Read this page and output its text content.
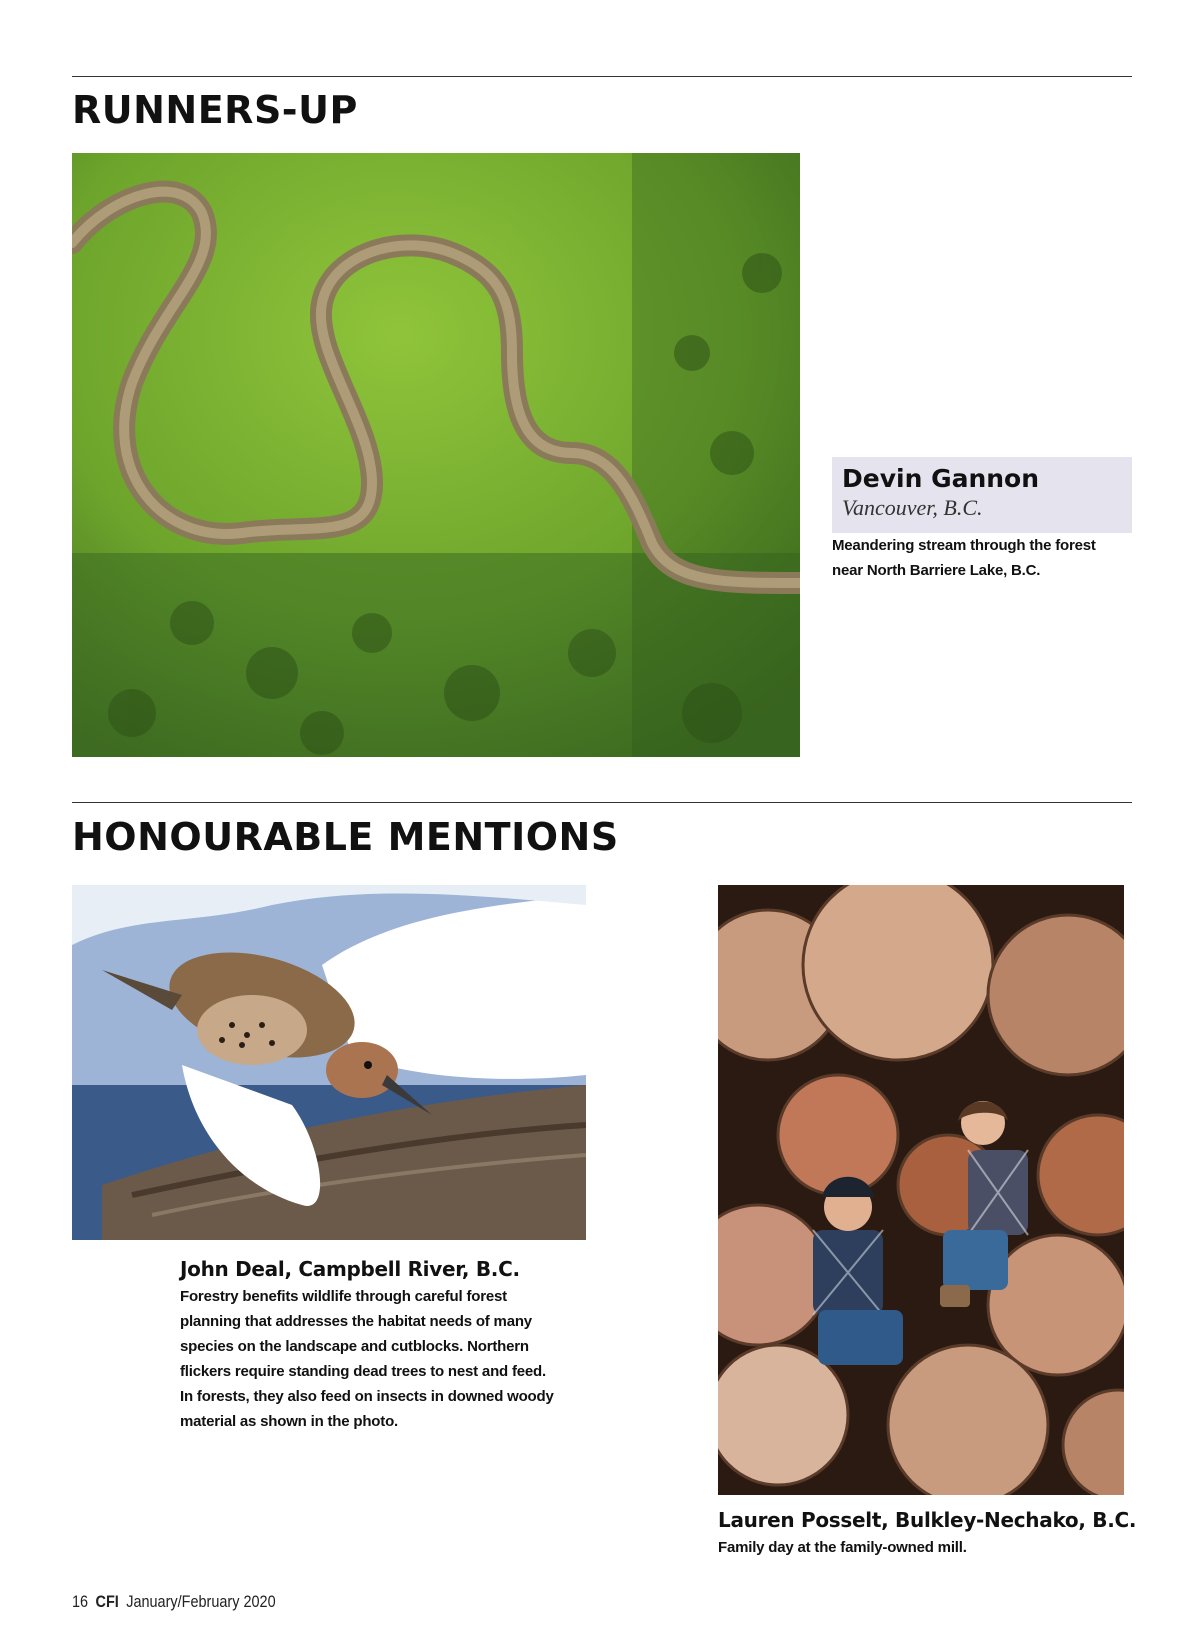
RUNNERS-UP
Devin Gannon
Vancouver, B.C.
Meandering stream through the forest
near North Barriere Lake, B.C.
HONOURABLE MENTIONS
John Deal, Campbell River, B.C.
Forestry benefits wildlife through careful forest
planning that addresses the habitat needs of many
species on the landscape and cutblocks. Northern
flickers require standing dead trees to nest and feed.
In forests, they also feed on insects in downed woody
material as shown in the photo.
Lauren Posselt, Bulkley-Nechako, B.C.
Family day at the family-owned mill.
16 CFI January/February 2020
